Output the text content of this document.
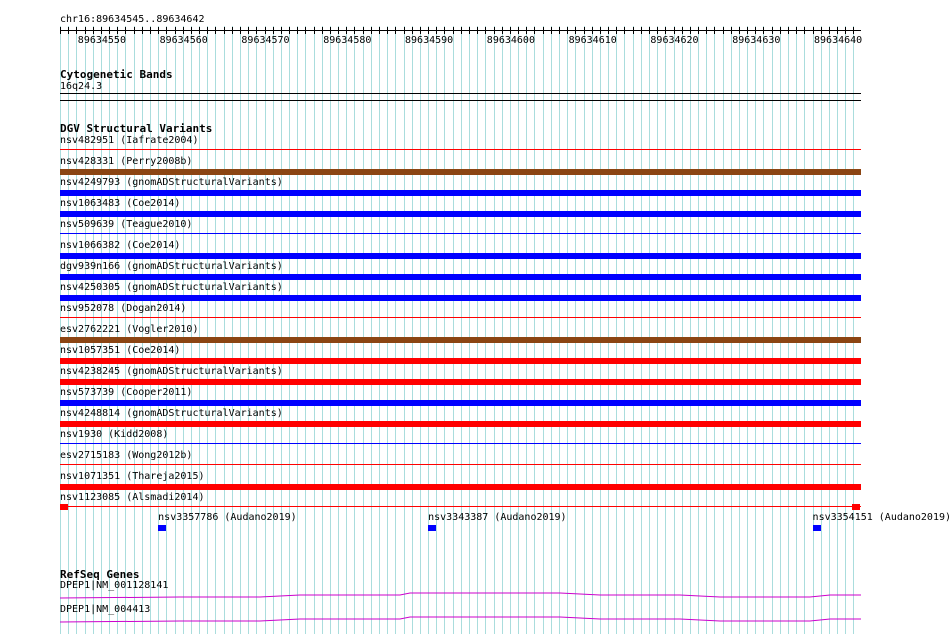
chr16:89634545..89634642
89634550	89634560	89634570	89634580	89634590	89634600	89634610	89634620	89634630	89634640
Cytogenetic Bands
16q24.3
DGV Structural Variants
nsv482951 (Iafrate2004)
nsv428331 (Perry2008b)
nsv4249793 (gnomADStructuralVariants)
nsv1063483 (Coe2014)
nsv509639 (Teague2010)
nsv1066382 (Coe2014)
dgv939n166 (gnomADStructuralVariants)
nsv4250305 (gnomADStructuralVariants)
nsv952078 (Dogan2014)
esv2762221 (Vogler2010)
nsv1057351 (Coe2014)
nsv4238245 (gnomADStructuralVariants)
nsv573739 (Cooper2011)
nsv4248814 (gnomADStructuralVariants)
nsv1930 (Kidd2008)
esv2715183 (Wong2012b)
nsv1071351 (Thareja2015)
nsv1123085 (Alsmadi2014)
nsv3357786 (Audano2019)	nsv3343387 (Audano2019)	nsv3354151 (Audano2019)
RefSeq Genes
DPEP1|NM_001128141
DPEP1|NM_004413
